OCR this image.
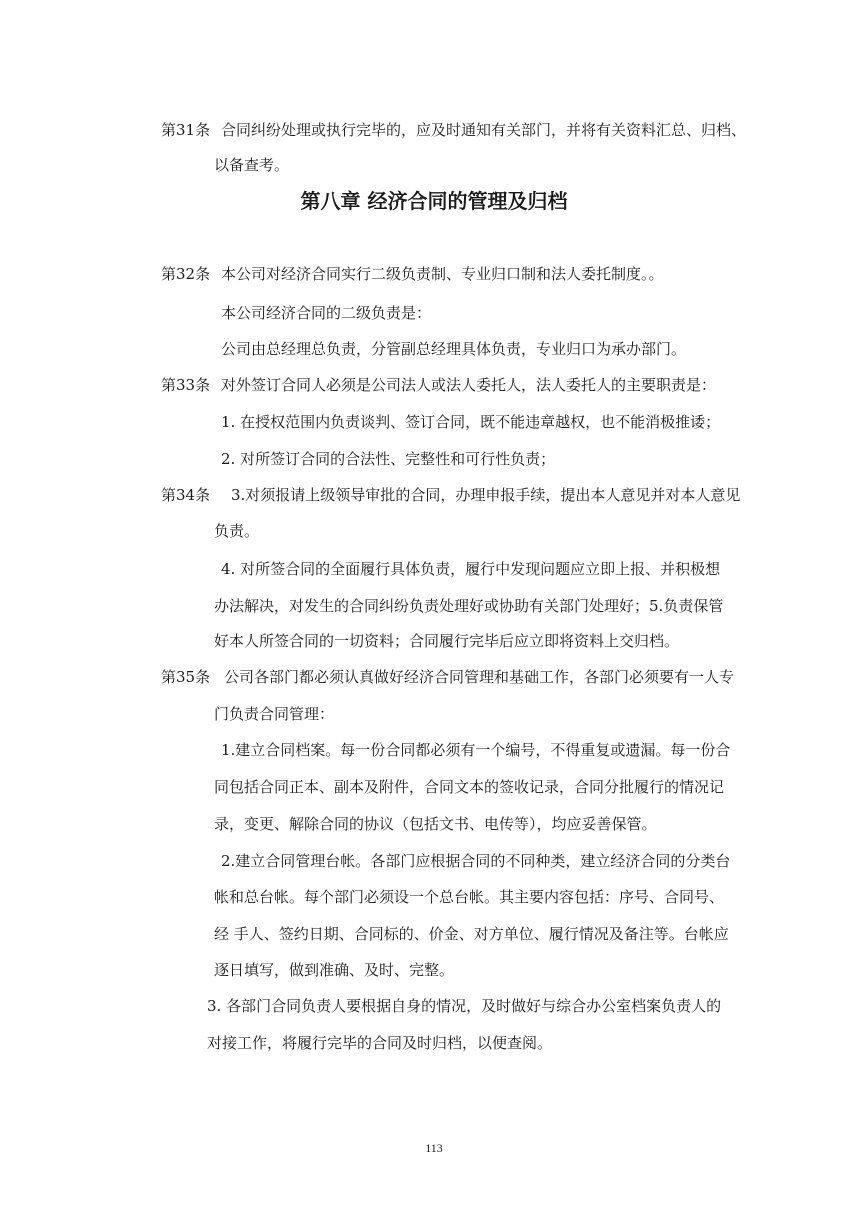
第31条 合同纠纷处理或执行完毕的，应及时通知有关部门，并将有关资料汇总、归档、
以备查考。
第八章 经济合同的管理及归档
第32条 本公司对经济合同实行二级负责制、专业归口制和法人委托制度。。
本公司经济合同的二级负责是：
公司由总经理总负责，分管副总经理具体负责，专业归口为承办部门。
第33条 对外签订合同人必须是公司法人或法人委托人，法人委托人的主要职责是：
1. 在授权范围内负责谈判、签订合同，既不能违章越权，也不能消极推诿；
2. 对所签订合同的合法性、完整性和可行性负责；
第34条 3.对须报请上级领导审批的合同，办理申报手续，提出本人意见并对本人意见
负责。
4. 对所签合同的全面履行具体负责，履行中发现问题应立即上报、并积极想
办法解决，对发生的合同纠纷负责处理好或协助有关部门处理好；5.负责保管
好本人所签合同的一切资料；合同履行完毕后应立即将资料上交归档。
第35条 公司各部门都必须认真做好经济合同管理和基础工作，各部门必须要有一人专
门负责合同管理：
1.建立合同档案。每一份合同都必须有一个编号，不得重复或遗漏。每一份合
同包括合同正本、副本及附件，合同文本的签收记录，合同分批履行的情况记
录，变更、解除合同的协议（包括文书、电传等），均应妥善保管。
2.建立合同管理台帐。各部门应根据合同的不同种类，建立经济合同的分类台
帐和总台帐。每个部门必须设一个总台帐。其主要内容包括：序号、合同号、
经 手人、签约日期、合同标的、价金、对方单位、履行情况及备注等。台帐应
逐日填写，做到准确、及时、完整。
3. 各部门合同负责人要根据自身的情况，及时做好与综合办公室档案负责人的
对接工作，将履行完毕的合同及时归档，以便查阅。
113
